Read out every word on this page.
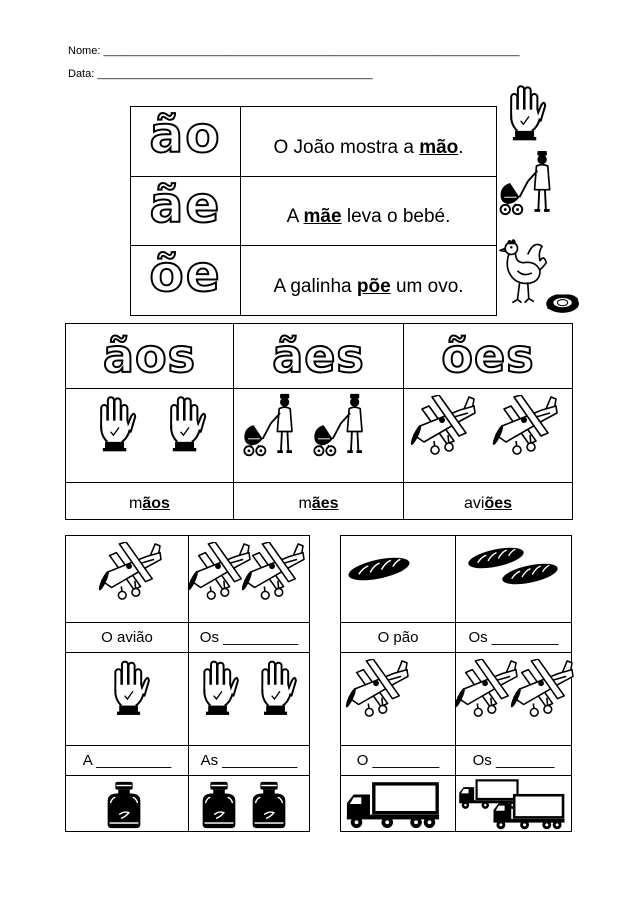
Nome: ____________________________________________________________________
Data: _____________________________________________
ão	O João mostra a mão.
ãe	A mãe leva o bebé.
õe	A galinha põe um ovo.
ãos ães ões
mãos	mães	aviões
O avião	Os _________
A _________ As _________
O pão	Os ________
O ________ Os _______
